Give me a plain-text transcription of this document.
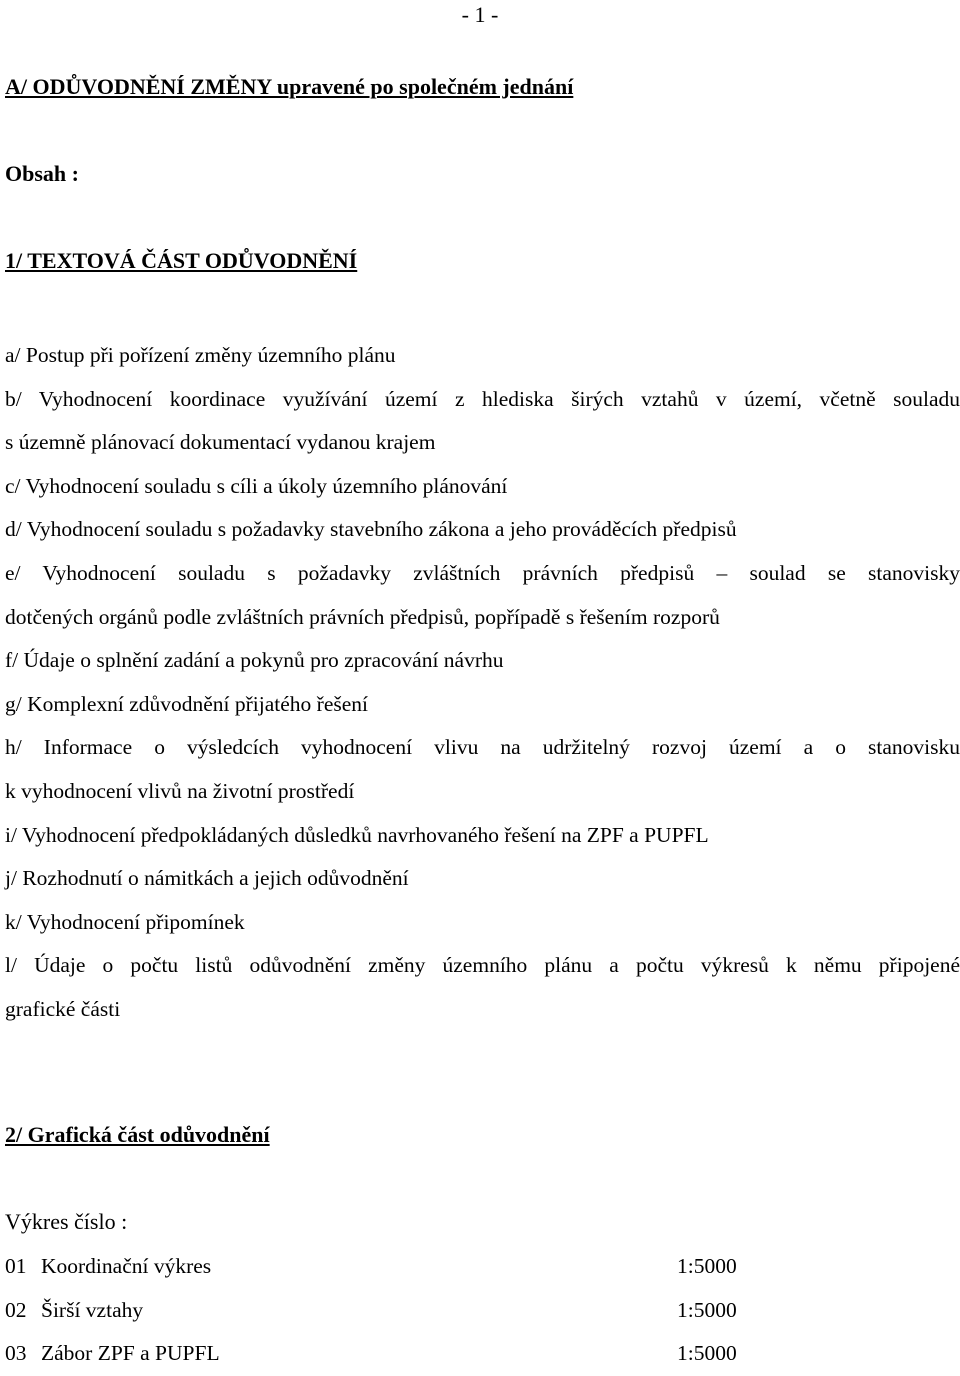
- 1 -
A/ ODŮVODNĚNÍ ZMĚNY upravené po společném jednání
Obsah :
1/ TEXTOVÁ ČÁST ODŮVODNĚNÍ
a/ Postup při pořízení změny územního plánu
b/ Vyhodnocení koordinace využívání území z hlediska širých vztahů v území, včetně souladu
s územně plánovací dokumentací vydanou krajem
c/ Vyhodnocení souladu s cíli a úkoly územního plánování
d/ Vyhodnocení souladu s požadavky stavebního zákona a jeho prováděcích předpisů
e/ Vyhodnocení souladu s požadavky zvláštních právních předpisů – soulad se stanovisky
dotčených orgánů podle zvláštních právních předpisů, popřípadě s řešením rozporů
f/ Údaje o splnění zadání a pokynů pro zpracování návrhu
g/ Komplexní zdůvodnění přijatého řešení
h/ Informace o výsledcích vyhodnocení vlivu na udržitelný rozvoj území a o stanovisku
k vyhodnocení vlivů na životní prostředí
i/ Vyhodnocení předpokládaných důsledků navrhovaného řešení na ZPF a PUPFL
j/ Rozhodnutí o námitkách a jejich odůvodnění
k/ Vyhodnocení připomínek
l/ Údaje o počtu listů odůvodnění změny územního plánu a počtu výkresů k němu připojené
grafické části
2/ Grafická část odůvodnění
Výkres číslo :
01 Koordinační výkres	1:5000
02 Širší vztahy	1:5000
03 Zábor ZPF a PUPFL	1:5000
